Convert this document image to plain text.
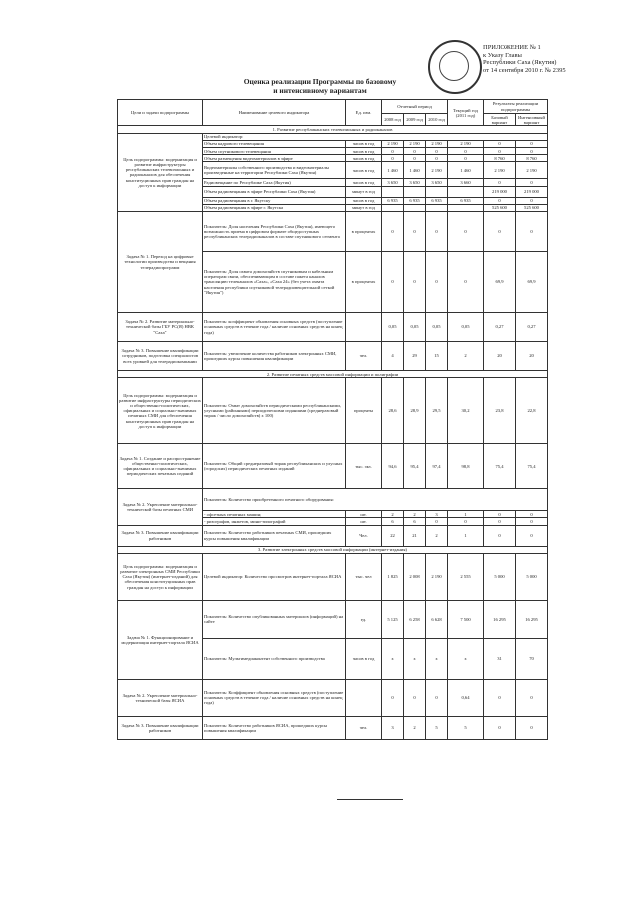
ПРИЛОЖЕНИЕ № 1
к Указу Главы
Республики Саха (Якутия)
от 14 сентября 2010 г. № 2395
Оценка реализации Программы по базовому
и интенсивному вариантам
Цели и задачи подпрограммы	Наименование целевого индикатора	Ед. изм.	Отчетный период			Текущий год (2011 год)	Результаты реализации подпрограммы	
			2008 год	2009 год	2010 год		Базовый вариант	Интенсивный вариант
1. Развитие республиканских телевизионных и радиоканалов								
Цель подпрограммы: модернизация и развитие инфраструктуры республиканских телевизионных и радиоканалов для обеспечения конституционных прав граждан на доступ к информации	Целевой индикатор:							
	Объем кадрового телевещания	часов в год	2 190	2 190	2 190	2 190	0	0
	Объем спутникового телевещания	часов в год	0	0	0	0	0	0
	Объем размещения видеоматериалов в эфире	часов в год	0	0	0	0	8 760	8 760
	Видеоматериалы собственного производства и видеоматериалы произведенные на территории Республики Саха (Якутия)	часов в год	1 460	1 460	2 190	1 460	2 190	2 190
	Радиовещание по Республике Саха (Якутия)	часов в год	3 650	3 650	3 650	3 660	0	0
	Объем радиовещания в эфире Республики Саха (Якутия)	минут в год					219 000	219 000
	Объем радиовещания в г. Якутску	часов в год	6 935	6 935	6 935	6 935	0	0
	Объем радиовещания в эфире г. Якутска	минут в год					525 600	525 600
Задача № 1. Переход на цифровые технологии производства и вещания телерадиопрограмм	Показатель: Доля населения Республики Саха (Якутия), имеющего возможность приема в цифровом формате общедоступных республиканских телерадиоканалов в составе спутникового сегмента	в процентах	0	0	0	0	0	0
	Показатель: Доля охвата домохозяйств спутниковым и кабельным операторам связи, обеспечивающим в составе пакета каналов трансляцию телеканалов «Саха», «Саха 24» (без учета охвата населения республики спутниковой телерадиовещательной сеткой "Якутия")	в процентах	0	0	0	0	69,9	69,9
Задача № 2. Развитие материально-технической базы ГБУ РС(Я) НВК "Саха"	Показатель: коэффициент обновления основных средств (поступление основных средств в течение года / наличие основных средств на конец года)		0,05	0,05	0,05	0,05	0,27	0,27
Задача № 3. Повышение квалификации сотрудников, подготовка специалистов всех уровней для телерадиокомпании	Показатель: увеличение количества работников электронных СМИ, прошедших курсы повышения квалификации	чел.	4	29	15	2	20	20
2. Развитие печатных средств массовой информации и полиграфии								
Цель подпрограммы: модернизация и развитие инфраструктуры периодических и общественно-политических, официальных и социально-значимых печатных СМИ для обеспечения конституционных прав граждан на доступ к информации	Показатель: Охват домохозяйств периодическими республиканскими, улусными (районными) периодическими изданиями (среднеразовый тираж / число домохозяйств) х 100)	проценты	28,6	28,9	29,5	30,2	23,8	22,8
Задача № 1. Создание и распространение общественно-политических, официальных и социально-значимых периодических печатных изданий	Показатель: Общий среднеразовый тираж республиканских и улусных (городских) периодических печатных изданий	тыс. экз.	94,6	95,4	97,4	98,8	75,4	75,4
Задача № 2. Укрепление материально-технической базы печатных СМИ	Показатель: Количество приобретенного печатного оборудования:							
	- офсетных печатных машин;	шт.	2	2	3	1	0	0
	- ризографов, инжетов, мини-типографий	шт.	6	6	0	0	0	0
Задача № 3. Повышение квалификации работников	Показатель: Количество работников печатных СМИ, прошедших курсы повышения квалификации	Чел.	22	21	2	1	0	0
3. Развитие электронных средств массовой информации (интернет-издания)								
Цель подпрограммы: модернизация и развитие электронных СМИ Республики Саха (Якутия) (интернет-изданий) для обеспечения конституционных прав граждан на доступ к информации	Целевой индикатор: Количество просмотров интернет-портала ЯСИА	тыс. чел	1 825	2 008	2 190	2 555	5 000	5 000
Задача № 1. Функционирование и модернизация интернет-портала ЯСИА	Показатель: Количество опубликованных материалов (информаций) на сайте	ед.	5 125	6 258	6 628	7 500	16 295	16 295
	Показатель: Мультимедиаконтент собственного производства	часов в год	x	x	x	x	31	70
Задача № 2. Укрепление материально-технической базы ЯСИА	Показатель: Коэффициент обновления основных средств (поступление основных средств в течение года / наличие основных средств на конец года)		0	0	0	0,64	0	0
Задача № 3. Повышение квалификации работников	Показатель: Количество работников ЯСИА, прошедших курсы повышения квалификации	чел.	3	2	5	5	0	0
